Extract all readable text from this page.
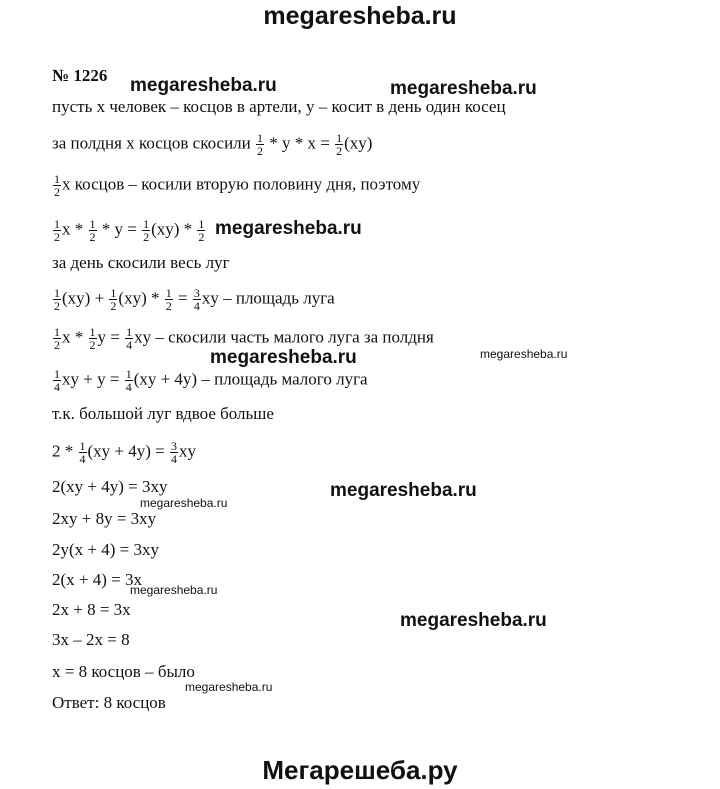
megaresheba.ru
№ 1226
пусть x человек – косцов в артели, y – косит в день один косец
за полдня x косцов скосили $\frac{1}{2} * y * x = \frac{1}{2} (xy)$
$\frac{1}{2}$ x косцов – косили вторую половину дня, поэтому
$\frac{1}{2}$ $x * \frac{1}{2} * y = \frac{1}{2} (xy) * \frac{1}{2}$
за день скосили весь луг
$\frac{1}{2} (xy) + \frac{1}{2} (xy) * \frac{1}{2} = \frac{3}{4}$ xy – площадь луга
$\frac{1}{2}$ x * $\frac{1}{2}$ $y = \frac{1}{4}$ xy – скосили часть малого луга за полдня
$\frac{1}{4}$ xy + $y = \frac{1}{4} (xy + 4y)$ – площадь малого луга
т.к. большой луг вдвое больше
$2 * \frac{1}{4} (xy + 4y) = \frac{3}{4}$ xy
2(xy + 4y) = 3xy
2xy + 8y = 3xy
2y(x + 4) = 3xy
2(x + 4) = 3x
2x + 8 = 3x
3x – 2x = 8
x = 8 косцов – было
Ответ: 8 косцов
megaresheba.ru	megaresheba.ru
megaresheba.ru
megaresheba.ru	megaresheba.ru
megaresheba.ru
megaresheba.ru
megaresheba.ru
megaresheba.ru
megaresheba.ru
Мегарешеба.ру
